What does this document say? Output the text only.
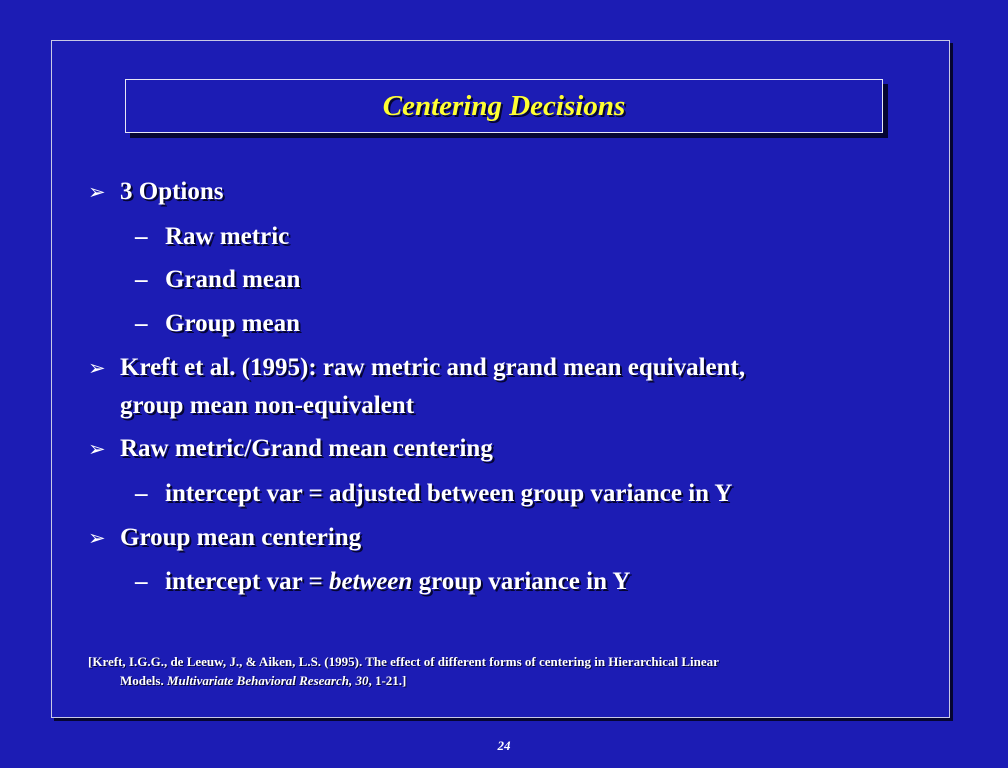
Centering Decisions
➢ 3 Options
– Raw metric
– Grand mean
– Group mean
➢ Kreft et al. (1995): raw metric and grand mean equivalent,
group mean non-equivalent
➢ Raw metric/Grand mean centering
– intercept var = adjusted between group variance in Y
➢ Group mean centering
– intercept var = between group variance in Y
[Kreft, I.G.G., de Leeuw, J., & Aiken, L.S. (1995). The effect of different forms of centering in Hierarchical Linear
Models. Multivariate Behavioral Research, 30, 1-21.]
24
